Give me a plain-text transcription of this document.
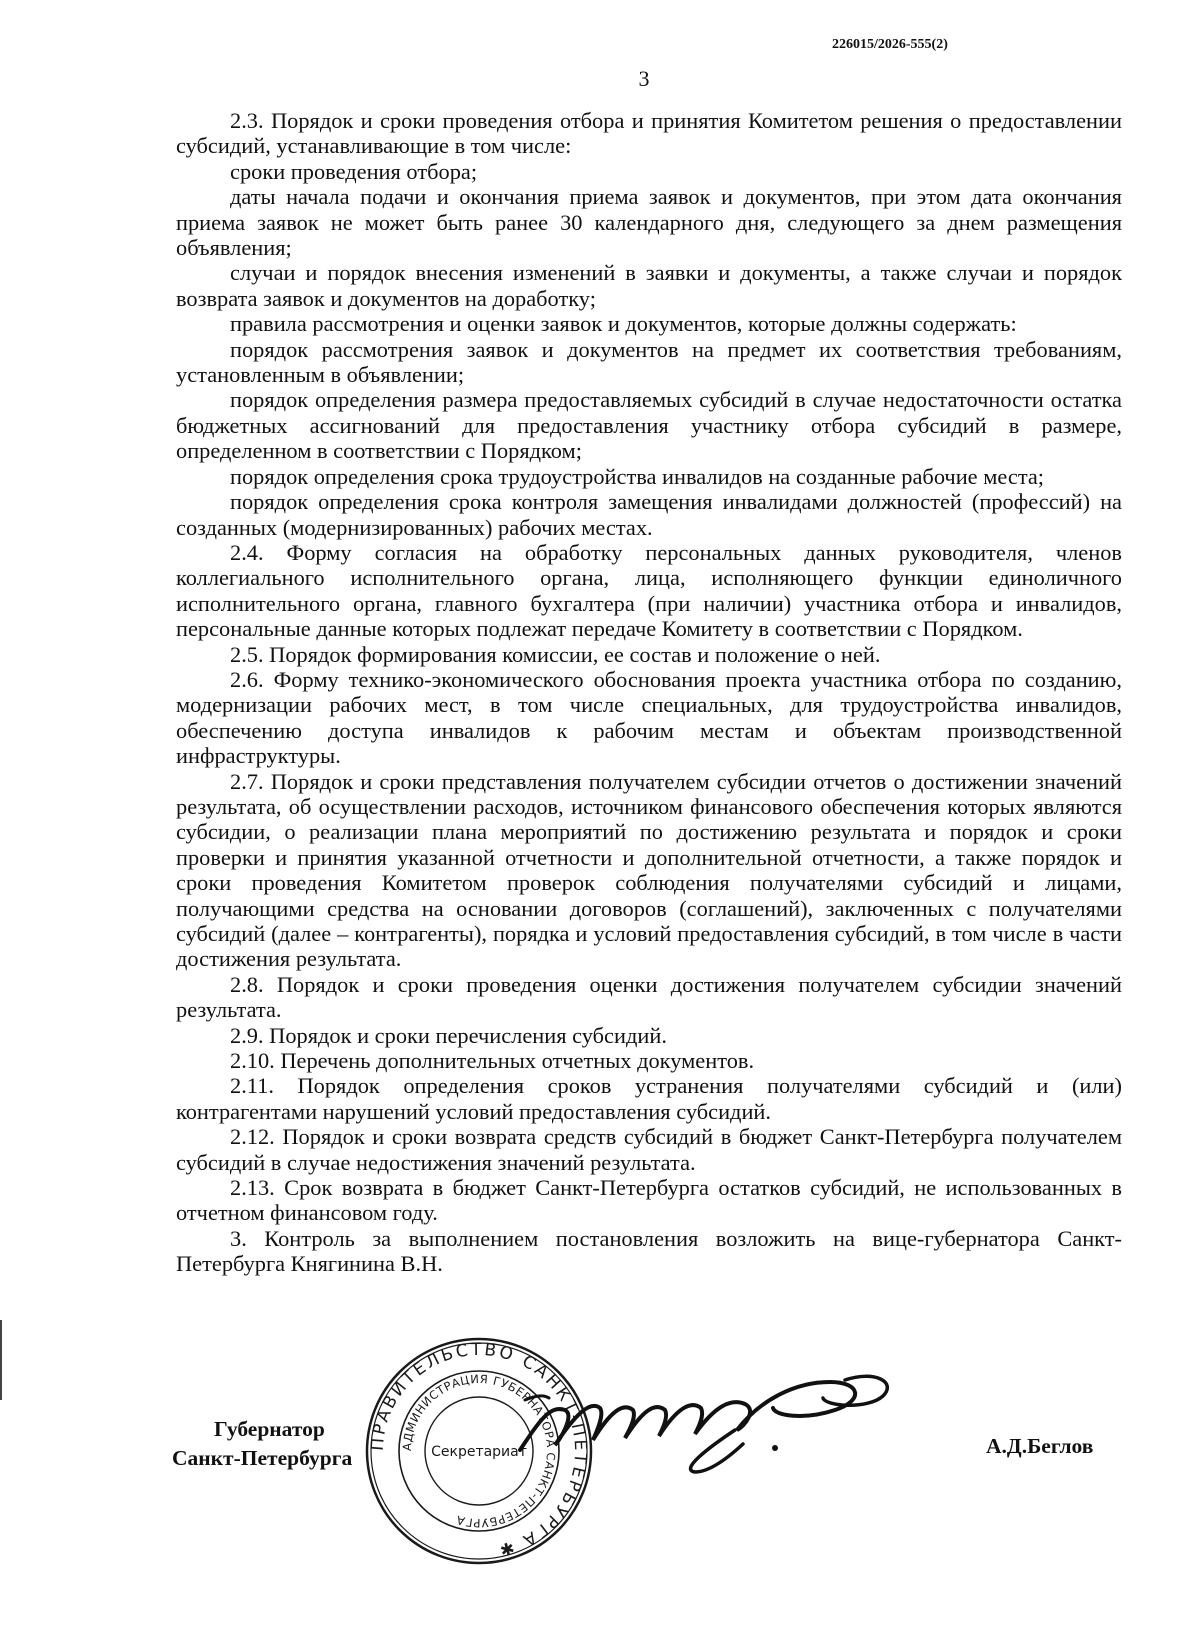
226015/2026-555(2)
3

2.3. Порядок и сроки проведения отбора и принятия Комитетом решения о предоставлении субсидий, устанавливающие в том числе:

сроки проведения отбора;

даты начала подачи и окончания приема заявок и документов, при этом дата окончания приема заявок не может быть ранее 30 календарного дня, следующего за днем размещения объявления;

случаи и порядок внесения изменений в заявки и документы, а также случаи и порядок возврата заявок и документов на доработку;

правила рассмотрения и оценки заявок и документов, которые должны содержать:

порядок рассмотрения заявок и документов на предмет их соответствия требованиям, установленным в объявлении;

порядок определения размера предоставляемых субсидий в случае недостаточности остатка бюджетных ассигнований для предоставления участнику отбора субсидий в размере, определенном в соответствии с Порядком;

порядок определения срока трудоустройства инвалидов на созданные рабочие места;

порядок определения срока контроля замещения инвалидами должностей (профессий) на созданных (модернизированных) рабочих местах.

2.4. Форму согласия на обработку персональных данных руководителя, членов коллегиального исполнительного органа, лица, исполняющего функции единоличного исполнительного органа, главного бухгалтера (при наличии) участника отбора и инвалидов, персональные данные которых подлежат передаче Комитету в соответствии с Порядком.

2.5. Порядок формирования комиссии, ее состав и положение о ней.

2.6. Форму технико-экономического обоснования проекта участника отбора по созданию, модернизации рабочих мест, в том числе специальных, для трудоустройства инвалидов, обеспечению доступа инвалидов к рабочим местам и объектам производственной инфраструктуры.

2.7. Порядок и сроки представления получателем субсидии отчетов о достижении значений результата, об осуществлении расходов, источником финансового обеспечения которых являются субсидии, о реализации плана мероприятий по достижению результата и порядок и сроки проверки и принятия указанной отчетности и дополнительной отчетности, а также порядок и сроки проведения Комитетом проверок соблюдения получателями субсидий и лицами, получающими средства на основании договоров (соглашений), заключенных с получателями субсидий (далее – контрагенты), порядка и условий предоставления субсидий, в том числе в части достижения результата.

2.8. Порядок и сроки проведения оценки достижения получателем субсидии значений результата.

2.9. Порядок и сроки перечисления субсидий.

2.10. Перечень дополнительных отчетных документов.

2.11. Порядок определения сроков устранения получателями субсидий и (или) контрагентами нарушений условий предоставления субсидий.

2.12. Порядок и сроки возврата средств субсидий в бюджет Санкт-Петербурга получателем субсидий в случае недостижения значений результата.

2.13. Срок возврата в бюджет Санкт-Петербурга остатков субсидий, не использованных в отчетном финансовом году.

3. Контроль за выполнением постановления возложить на вице-губернатора Санкт-Петербурга Княгинина В.Н.

Губернатор
Санкт-Петербурга
ПРАВИТЕЛЬСТВО САНКТ-ПЕТЕРБУРГА ✱
АДМИНИСТРАЦИЯ ГУБЕРНАТОРА САНКТ-ПЕТЕРБУРГА
Секретариат	А.Д.Беглов
